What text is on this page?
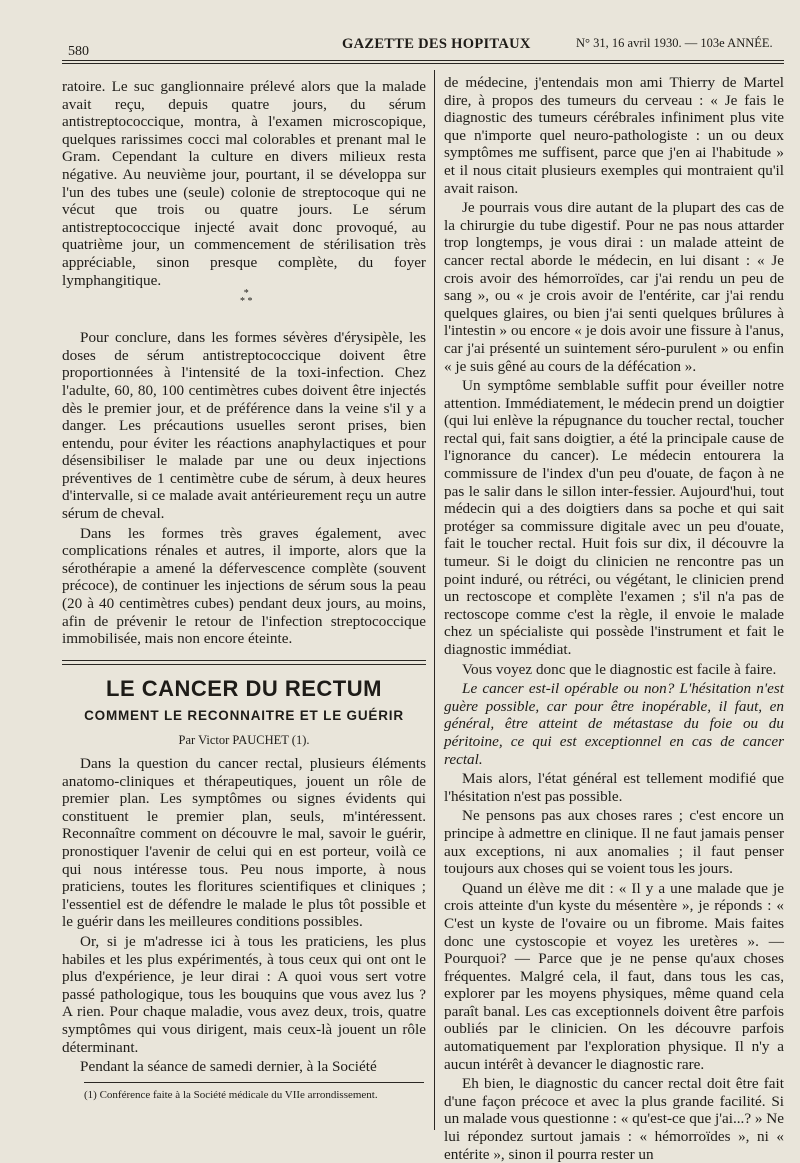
580	GAZETTE DES HOPITAUX	N° 31, 16 avril 1930. — 103e ANNÉE.

ratoire. Le suc ganglionnaire prélevé alors que la malade avait reçu, depuis quatre jours, du sérum antistreptococcique, montra, à l'examen microscopique, quelques rarissimes cocci mal colorables et prenant mal le Gram. Cependant la culture en divers milieux resta négative. Au neuvième jour, pourtant, il se développa sur l'un des tubes une (seule) colonie de streptocoque qui ne vécut que trois ou quatre jours. Le sérum antistreptococcique injecté avait donc provoqué, au quatrième jour, un commencement de stérilisation très appréciable, sinon presque complète, du foyer lymphangitique.

Pour conclure, dans les formes sévères d'érysipèle, les doses de sérum antistreptococcique doivent être proportionnées à l'intensité de la toxi-infection. Chez l'adulte, 60, 80, 100 centimètres cubes doivent être injectés dès le premier jour, et de préférence dans la veine s'il y a danger. Les précautions usuelles seront prises, bien entendu, pour éviter les réactions anaphylactiques et pour désensibiliser le malade par une ou deux injections préventives de 1 centimètre cube de sérum, à deux heures d'intervalle, si ce malade avait antérieurement reçu un autre sérum de cheval.

Dans les formes très graves également, avec complications rénales et autres, il importe, alors que la sérothérapie a amené la défervescence complète (souvent précoce), de continuer les injections de sérum sous la peau (20 à 40 centimètres cubes) pendant deux jours, au moins, afin de prévenir le retour de l'infection streptococcique immobilisée, mais non encore éteinte.

*
* *
LE CANCER DU RECTUM
COMMENT LE RECONNAITRE ET LE GUÉRIR
Par Victor PAUCHET (1).

Dans la question du cancer rectal, plusieurs éléments anatomo-cliniques et thérapeutiques, jouent un rôle de premier plan. Les symptômes ou signes évidents qui constituent le premier plan, seuls, m'intéressent. Reconnaître comment on découvre le mal, savoir le guérir, pronostiquer l'avenir de celui qui en est porteur, voilà ce qui nous intéresse tous. Peu nous importe, à nous praticiens, toutes les floritures scientifiques et cliniques ; l'essentiel est de défendre le malade le plus tôt possible et le guérir dans les meilleures conditions possibles.

Or, si je m'adresse ici à tous les praticiens, les plus habiles et les plus expérimentés, à tous ceux qui ont ont le plus d'expérience, je leur dirai : A quoi vous sert votre passé pathologique, tous les bouquins que vous avez lus ? A rien. Pour chaque maladie, vous avez deux, trois, quatre symptômes qui vous dirigent, mais ceux-là jouent un rôle déterminant.

Pendant la séance de samedi dernier, à la Société

(1) Conférence faite à la Société médicale du VIIe arrondissement.

de médecine, j'entendais mon ami Thierry de Martel dire, à propos des tumeurs du cerveau : « Je fais le diagnostic des tumeurs cérébrales infiniment plus vite que n'importe quel neuro-pathologiste : un ou deux symptômes me suffisent, parce que j'en ai l'habitude » et il nous citait plusieurs exemples qui montraient qu'il avait raison.

Je pourrais vous dire autant de la plupart des cas de la chirurgie du tube digestif. Pour ne pas nous attarder trop longtemps, je vous dirai : un malade atteint de cancer rectal aborde le médecin, en lui disant : « Je crois avoir des hémorroïdes, car j'ai rendu un peu de sang », ou « je crois avoir de l'entérite, car j'ai rendu quelques glaires, ou bien j'ai senti quelques brûlures à l'intestin » ou encore « je dois avoir une fissure à l'anus, car j'ai présenté un suintement séro-purulent » ou enfin « je suis gêné au cours de la défécation ».

Un symptôme semblable suffit pour éveiller notre attention. Immédiatement, le médecin prend un doigtier (qui lui enlève la répugnance du toucher rectal, toucher rectal qui, fait sans doigtier, a été la principale cause de l'ignorance du cancer). Le médecin entourera la commissure de l'index d'un peu d'ouate, de façon à ne pas le salir dans le sillon inter-fessier. Aujourd'hui, tout médecin qui a des doigtiers dans sa poche et qui sait protéger sa commissure digitale avec un peu d'ouate, fait le toucher rectal. Huit fois sur dix, il découvre la tumeur. Si le doigt du clinicien ne rencontre pas un point induré, ou rétréci, ou végétant, le clinicien prend un rectoscope et complète l'examen ; s'il n'a pas de rectoscope comme c'est la règle, il envoie le malade chez un spécialiste qui possède l'instrument et fait le diagnostic immédiat.

Vous voyez donc que le diagnostic est facile à faire.

Le cancer est-il opérable ou non? L'hésitation n'est guère possible, car pour être inopérable, il faut, en général, être atteint de métastase du foie ou du péritoine, ce qui est exceptionnel en cas de cancer rectal.

Mais alors, l'état général est tellement modifié que l'hésitation n'est pas possible.

Ne pensons pas aux choses rares ; c'est encore un principe à admettre en clinique. Il ne faut jamais penser aux exceptions, ni aux anomalies ; il faut penser toujours aux choses qui se voient tous les jours.

Quand un élève me dit : « Il y a une malade que je crois atteinte d'un kyste du mésentère », je réponds : « C'est un kyste de l'ovaire ou un fibrome. Mais faites donc une cystoscopie et voyez les uretères ». — Pourquoi? — Parce que je ne pense qu'aux choses fréquentes. Malgré cela, il faut, dans tous les cas, explorer par les moyens physiques, même quand cela paraît banal. Les cas exceptionnels doivent être parfois oubliés par le clinicien. On les découvre parfois automatiquement par l'exploration physique. Il n'y a aucun intérêt à devancer le diagnostic rare.

Eh bien, le diagnostic du cancer rectal doit être fait d'une façon précoce et avec la plus grande facilité. Si un malade vous questionne : « qu'est-ce que j'ai...? » Ne lui répondez surtout jamais : « hémorroïdes », ni « entérite », sinon il pourra rester un
